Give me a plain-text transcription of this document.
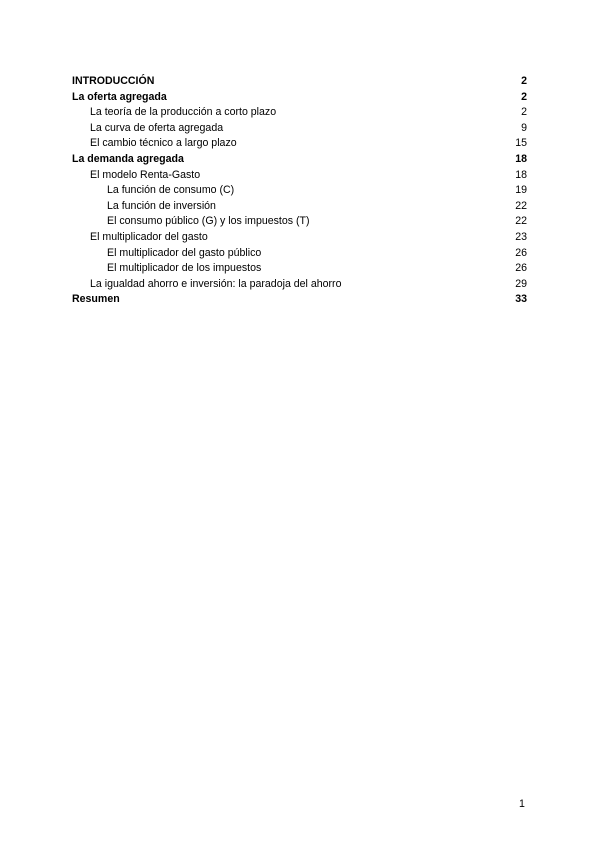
INTRODUCCIÓN	2
La oferta agregada	2
La teoría de la producción a corto plazo	2
La curva de oferta agregada	9
El cambio técnico a largo plazo	15
La demanda agregada	18
El modelo Renta-Gasto	18
La función de consumo (C)	19
La función de inversión	22
El consumo público (G) y los impuestos (T)	22
El multiplicador del gasto	23
El multiplicador del gasto público	26
El multiplicador de los impuestos	26
La igualdad ahorro e inversión: la paradoja del ahorro	29
Resumen	33
1
